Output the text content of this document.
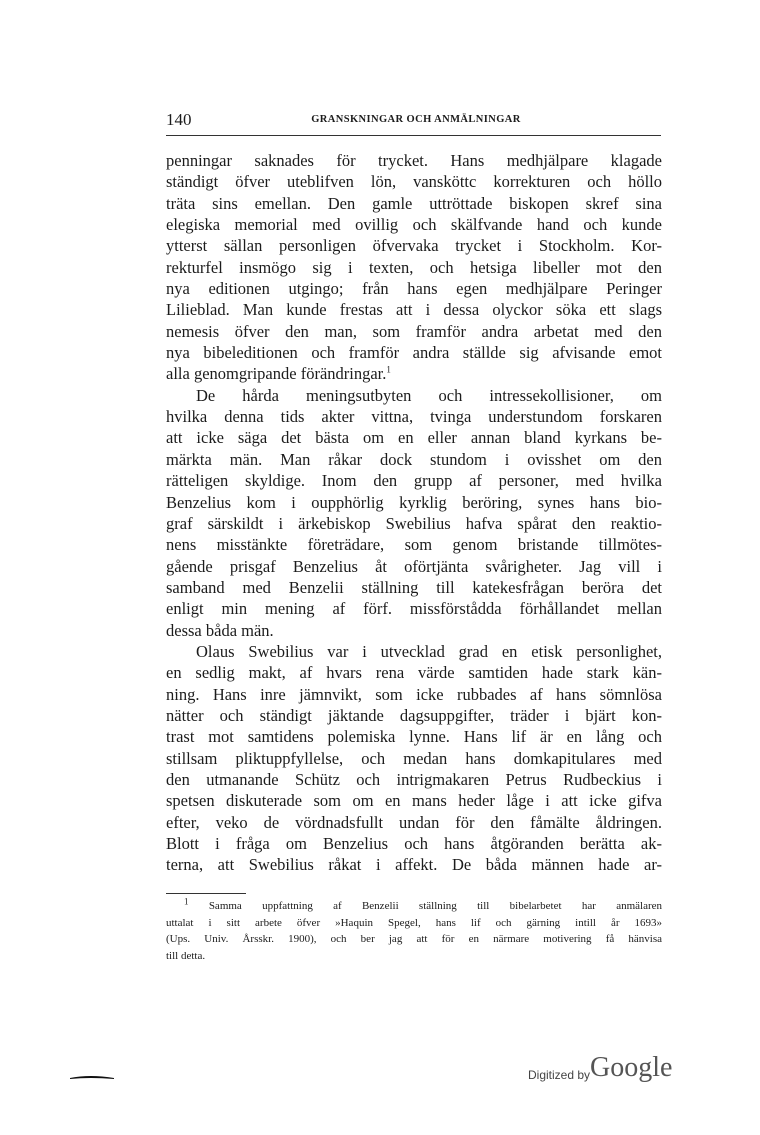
140	GRANSKNINGAR OCH ANMÄLNINGAR
penningar saknades för trycket. Hans medhjälpare klagade
ständigt öfver uteblifven lön, vansköttc korrekturen och höllo
träta sins emellan. Den gamle uttröttade biskopen skref sina
elegiska memorial med ovillig och skälfvande hand och kunde
ytterst sällan personligen öfvervaka trycket i Stockholm. Kor-
rekturfel insmögo sig i texten, och hetsiga libeller mot den
nya editionen utgingo; från hans egen medhjälpare Peringer
Lilieblad. Man kunde frestas att i dessa olyckor söka ett slags
nemesis öfver den man, som framför andra arbetat med den
nya bibeleditionen och framför andra ställde sig afvisande emot
alla genomgripande förändringar.$^1$
De hårda meningsutbyten och intressekollisioner, om
hvilka denna tids akter vittna, tvinga understundom forskaren
att icke säga det bästa om en eller annan bland kyrkans be-
märkta män. Man råkar dock stundom i ovisshet om den
rätteligen skyldige. Inom den grupp af personer, med hvilka
Benzelius kom i oupphörlig kyrklig beröring, synes hans bio-
graf särskildt i ärkebiskop Swebilius hafva spårat den reaktio-
nens misstänkte företrädare, som genom bristande tillmötes-
gående prisgaf Benzelius åt oförtjänta svårigheter. Jag vill i
samband med Benzelii ställning till katekesfrågan beröra det
enligt min mening af förf. missförstådda förhållandet mellan
dessa båda män.
Olaus Swebilius var i utvecklad grad en etisk personlighet,
en sedlig makt, af hvars rena värde samtiden hade stark kän-
ning. Hans inre jämnvikt, som icke rubbades af hans sömnlösa
nätter och ständigt jäktande dagsuppgifter, träder i bjärt kon-
trast mot samtidens polemiska lynne. Hans lif är en lång och
stillsam pliktuppfyllelse, och medan hans domkapitulares med
den utmanande Schütz och intrigmakaren Petrus Rudbeckius i
spetsen diskuterade som om en mans heder låge i att icke gifva
efter, veko de vördnadsfullt undan för den fåmälte åldringen.
Blott i fråga om Benzelius och hans åtgöranden berätta ak-
terna, att Swebilius råkat i affekt. De båda männen hade ar-
$^1$ Samma uppfattning af Benzelii ställning till bibelarbetet har anmälaren
uttalat i sitt arbete öfver »Haquin Spegel, hans lif och gärning intill år 1693»
(Ups. Univ. Årsskr. 1900), och ber jag att för en närmare motivering få hänvisa
till detta.
Digitized by Google
